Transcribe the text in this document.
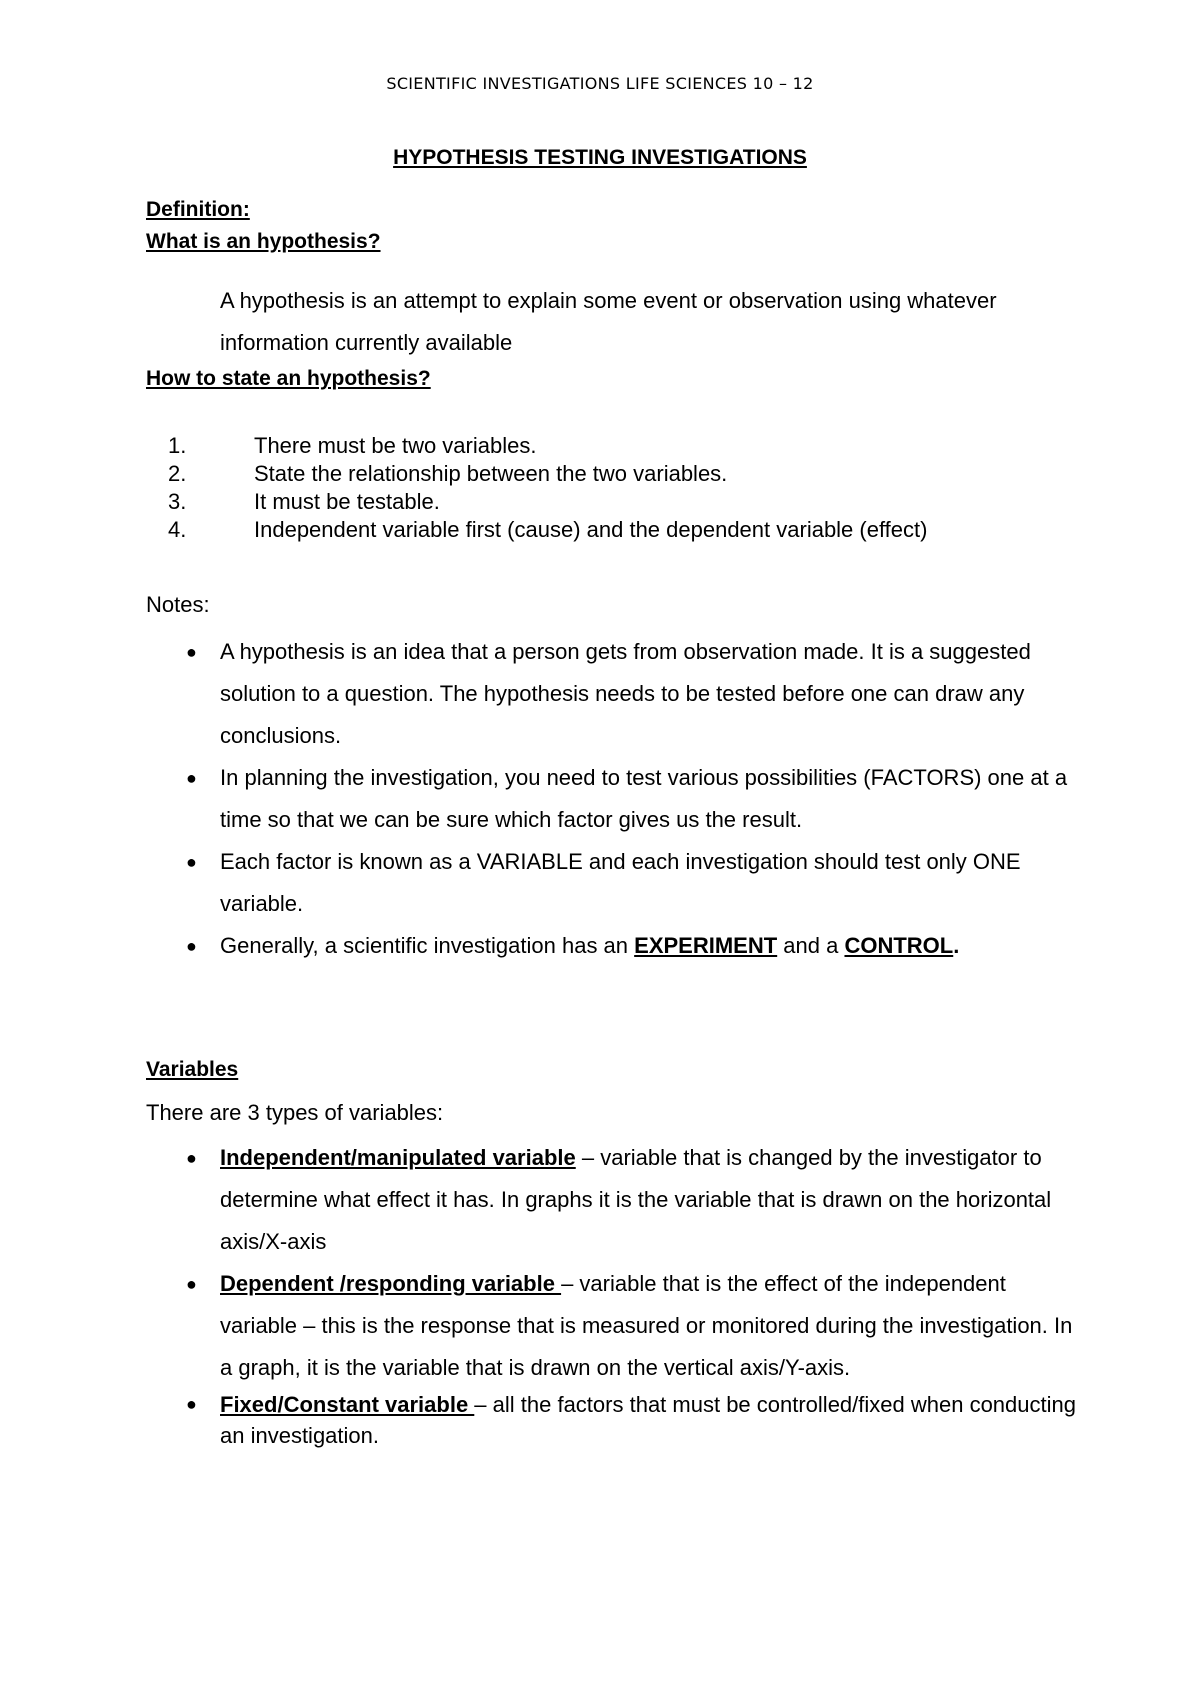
SCIENTIFIC INVESTIGATIONS LIFE SCIENCES 10 – 12
HYPOTHESIS TESTING INVESTIGATIONS
Definition:
What is an hypothesis?
A hypothesis is an attempt to explain some event or observation using whatever information currently available
How to state an hypothesis?
1.	There must be two variables.
2.	State the relationship between the two variables.
3.	It must be testable.
4.	Independent variable first (cause) and the dependent variable (effect)
Notes:
● A hypothesis is an idea that a person gets from observation made. It is a suggested solution to a question. The hypothesis needs to be tested before one can draw any conclusions.
● In planning the investigation, you need to test various possibilities (FACTORS) one at a time so that we can be sure which factor gives us the result.
● Each factor is known as a VARIABLE and each investigation should test only ONE variable.
● Generally, a scientific investigation has an EXPERIMENT and a CONTROL.
Variables
There are 3 types of variables:
● Independent/manipulated variable – variable that is changed by the investigator to determine what effect it has. In graphs it is the variable that is drawn on the horizontal axis/X-axis
● Dependent /responding variable – variable that is the effect of the independent variable – this is the response that is measured or monitored during the investigation. In a graph, it is the variable that is drawn on the vertical axis/Y-axis.
● Fixed/Constant variable – all the factors that must be controlled/fixed when conducting an investigation.
